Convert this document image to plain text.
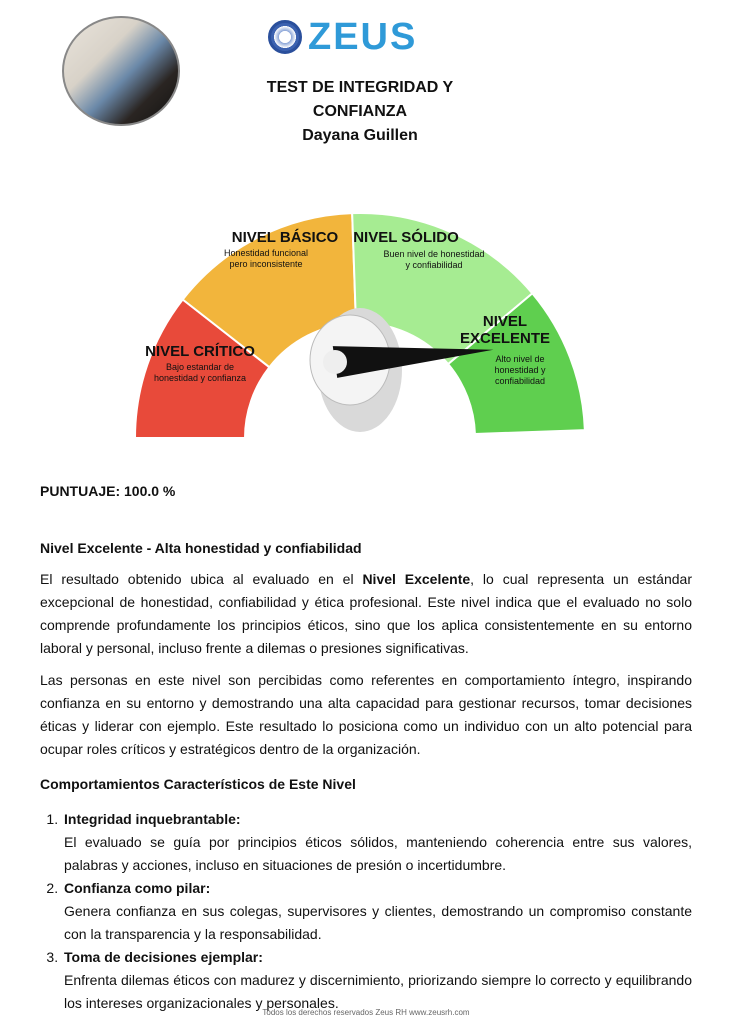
ZEUS
TEST DE INTEGRIDAD Y
CONFIANZA
Dayana Guillen
NIVEL CRÍTICO
Bajo estandar de
honestidad y confianza
NIVEL BÁSICO
Honestidad funcional
pero inconsistente
NIVEL SÓLIDO
Buen nivel de honestidad
y confiabilidad
NIVEL
EXCELENTE
Alto nivel de
honestidad y
confiabilidad
PUNTUAJE: 100.0 %
Nivel Excelente - Alta honestidad y confiabilidad

El resultado obtenido ubica al evaluado en el Nivel Excelente, lo cual representa un estándar excepcional de honestidad, confiabilidad y ética profesional. Este nivel indica que el evaluado no solo comprende profundamente los principios éticos, sino que los aplica consistentemente en su entorno laboral y personal, incluso frente a dilemas o presiones significativas.

Las personas en este nivel son percibidas como referentes en comportamiento íntegro, inspirando confianza en su entorno y demostrando una alta capacidad para gestionar recursos, tomar decisiones éticas y liderar con ejemplo. Este resultado lo posiciona como un individuo con un alto potencial para ocupar roles críticos y estratégicos dentro de la organización.

Comportamientos Característicos de Este Nivel
1. Integridad inquebrantable:
El evaluado se guía por principios éticos sólidos, manteniendo coherencia entre sus valores, palabras y acciones, incluso en situaciones de presión o incertidumbre.
2. Confianza como pilar:
Genera confianza en sus colegas, supervisores y clientes, demostrando un compromiso constante con la transparencia y la responsabilidad.
3. Toma de decisiones ejemplar:
Enfrenta dilemas éticos con madurez y discernimiento, priorizando siempre lo correcto y equilibrando los intereses organizacionales y personales.
Todos los derechos reservados Zeus RH www.zeusrh.com
